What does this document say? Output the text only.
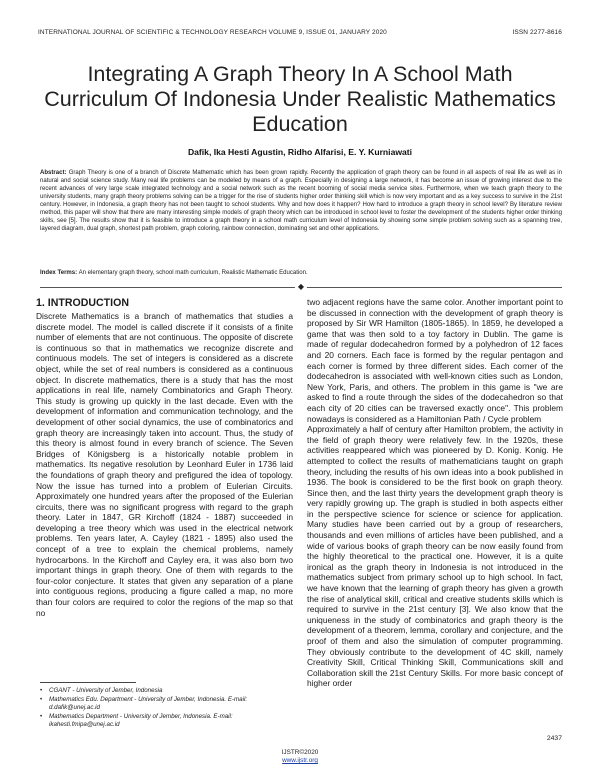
INTERNATIONAL JOURNAL OF SCIENTIFIC & TECHNOLOGY RESEARCH VOLUME 9, ISSUE 01, JANUARY 2020	ISSN 2277-8616
Integrating A Graph Theory In A School Math Curriculum Of Indonesia Under Realistic Mathematics Education
Dafik, Ika Hesti Agustin, Ridho Alfarisi, E. Y. Kurniawati
Abstract: Graph Theory is one of a branch of Discrete Mathematic which has been grown rapidly. Recently the application of graph theory can be found in all aspects of real life as well as in natural and social science study. Many real life problems can be modeled by means of a graph. Especially in designing a large network, it has become an issue of growing interest due to the recent advances of very large scale integrated technology and a social network such as the recent booming of social media service sites. Furthermore, when we teach graph theory to the university students, many graph theory problems solving can be a trigger for the rise of students higher order thinking skill which is now very important and as a key success to survive in the 21st century. However, in Indonesia, a graph theory has not been taught to school students. Why and how does it happen? How hard to introduce a graph theory in school level? By literature review method, this paper will show that there are many interesting simple models of graph theory which can be introduced in school level to foster the development of the students higher order thinking skills, see [5]. The results show that it is feasible to introduce a graph theory in a school math curriculum level of Indonesia by showing some simple problem solving such as a spanning tree, layered diagram, dual graph, shortest path problem, graph coloring, rainbow connection, dominating set and other applications.
Index Terms: An elementary graph theory, school math curriculum, Realistic Mathematic Education.
◆
1. INTRODUCTION

Discrete Mathematics is a branch of mathematics that studies a discrete model. The model is called discrete if it consists of a finite number of elements that are not continuous. The opposite of discrete is continuous so that in mathematics we recognize discrete and continuous models. The set of integers is considered as a discrete object, while the set of real numbers is considered as a continuous object. In discrete mathematics, there is a study that has the most applications in real life, namely Combinatorics and Graph Theory. This study is growing up quickly in the last decade. Even with the development of information and communication technology, and the development of other social dynamics, the use of combinatorics and graph theory are increasingly taken into account. Thus, the study of this theory is almost found in every branch of science. The Seven Bridges of Königsberg is a historically notable problem in mathematics. Its negative resolution by Leonhard Euler in 1736 laid the foundations of graph theory and prefigured the idea of topology. Now the issue has turned into a problem of Eulerian Circuits. Approximately one hundred years after the proposed of the Eulerian circuits, there was no significant progress with regard to the graph theory. Later in 1847, GR Kirchoff (1824 - 1887) succeeded in developing a tree theory which was used in the electrical network problems. Ten years later, A. Cayley (1821 - 1895) also used the concept of a tree to explain the chemical problems, namely hydrocarbons. In the Kirchoff and Cayley era, it was also born two important things in graph theory. One of them with regards to the four-color conjecture. It states that given any separation of a plane into contiguous regions, producing a figure called a map, no more than four colors are required to color the regions of the map so that no

two adjacent regions have the same color. Another important point to be discussed in connection with the development of graph theory is proposed by Sir WR Hamilton (1805-1865). In 1859, he developed a game that was then sold to a toy factory in Dublin. The game is made of regular dodecahedron formed by a polyhedron of 12 faces and 20 corners. Each face is formed by the regular pentagon and each corner is formed by three different sides. Each corner of the dodecahedron is associated with well-known cities such as London, New York, Paris, and others. The problem in this game is "we are asked to find a route through the sides of the dodecahedron so that each city of 20 cities can be traversed exactly once". This problem nowadays is considered as a Hamiltonian Path / Cycle problem

Approximately a half of century after Hamilton problem, the activity in the field of graph theory were relatively few. In the 1920s, these activities reappeared which was pioneered by D. Konig. Konig. He attempted to collect the results of mathematicians taught on graph theory, including the results of his own ideas into a book published in 1936. The book is considered to be the first book on graph theory. Since then, and the last thirty years the development graph theory is very rapidly growing up. The graph is studied in both aspects either in the perspective science for science or science for application. Many studies have been carried out by a group of researchers, thousands and even millions of articles have been published, and a wide of various books of graph theory can be now easily found from the highly theoretical to the practical one. However, it is a quite ironical as the graph theory in Indonesia is not introduced in the mathematics subject from primary school up to high school. In fact, we have known that the learning of graph theory has given a growth the rise of analytical skill, critical and creative students skills which is required to survive in the 21st century [3]. We also know that the uniqueness in the study of combinatorics and graph theory is the development of a theorem, lemma, corollary and conjecture, and the proof of them and also the simulation of computer programming. They obviously contribute to the development of 4C skill, namely Creativity Skill, Critical Thinking Skill, Communications skill and Collaboration skill the 21st Century Skills. For more basic concept of higher order

• CGANT - University of Jember, Indonesia
• Mathematics Edu. Department - University of Jember, Indonesia. E-mail: d.dafik@unej.ac.id
• Mathematics Department - University of Jember, Indonesia. E-mail: ikahesti.fmipa@unej.ac.id
2437
IJSTR©2020
www.ijstr.org
